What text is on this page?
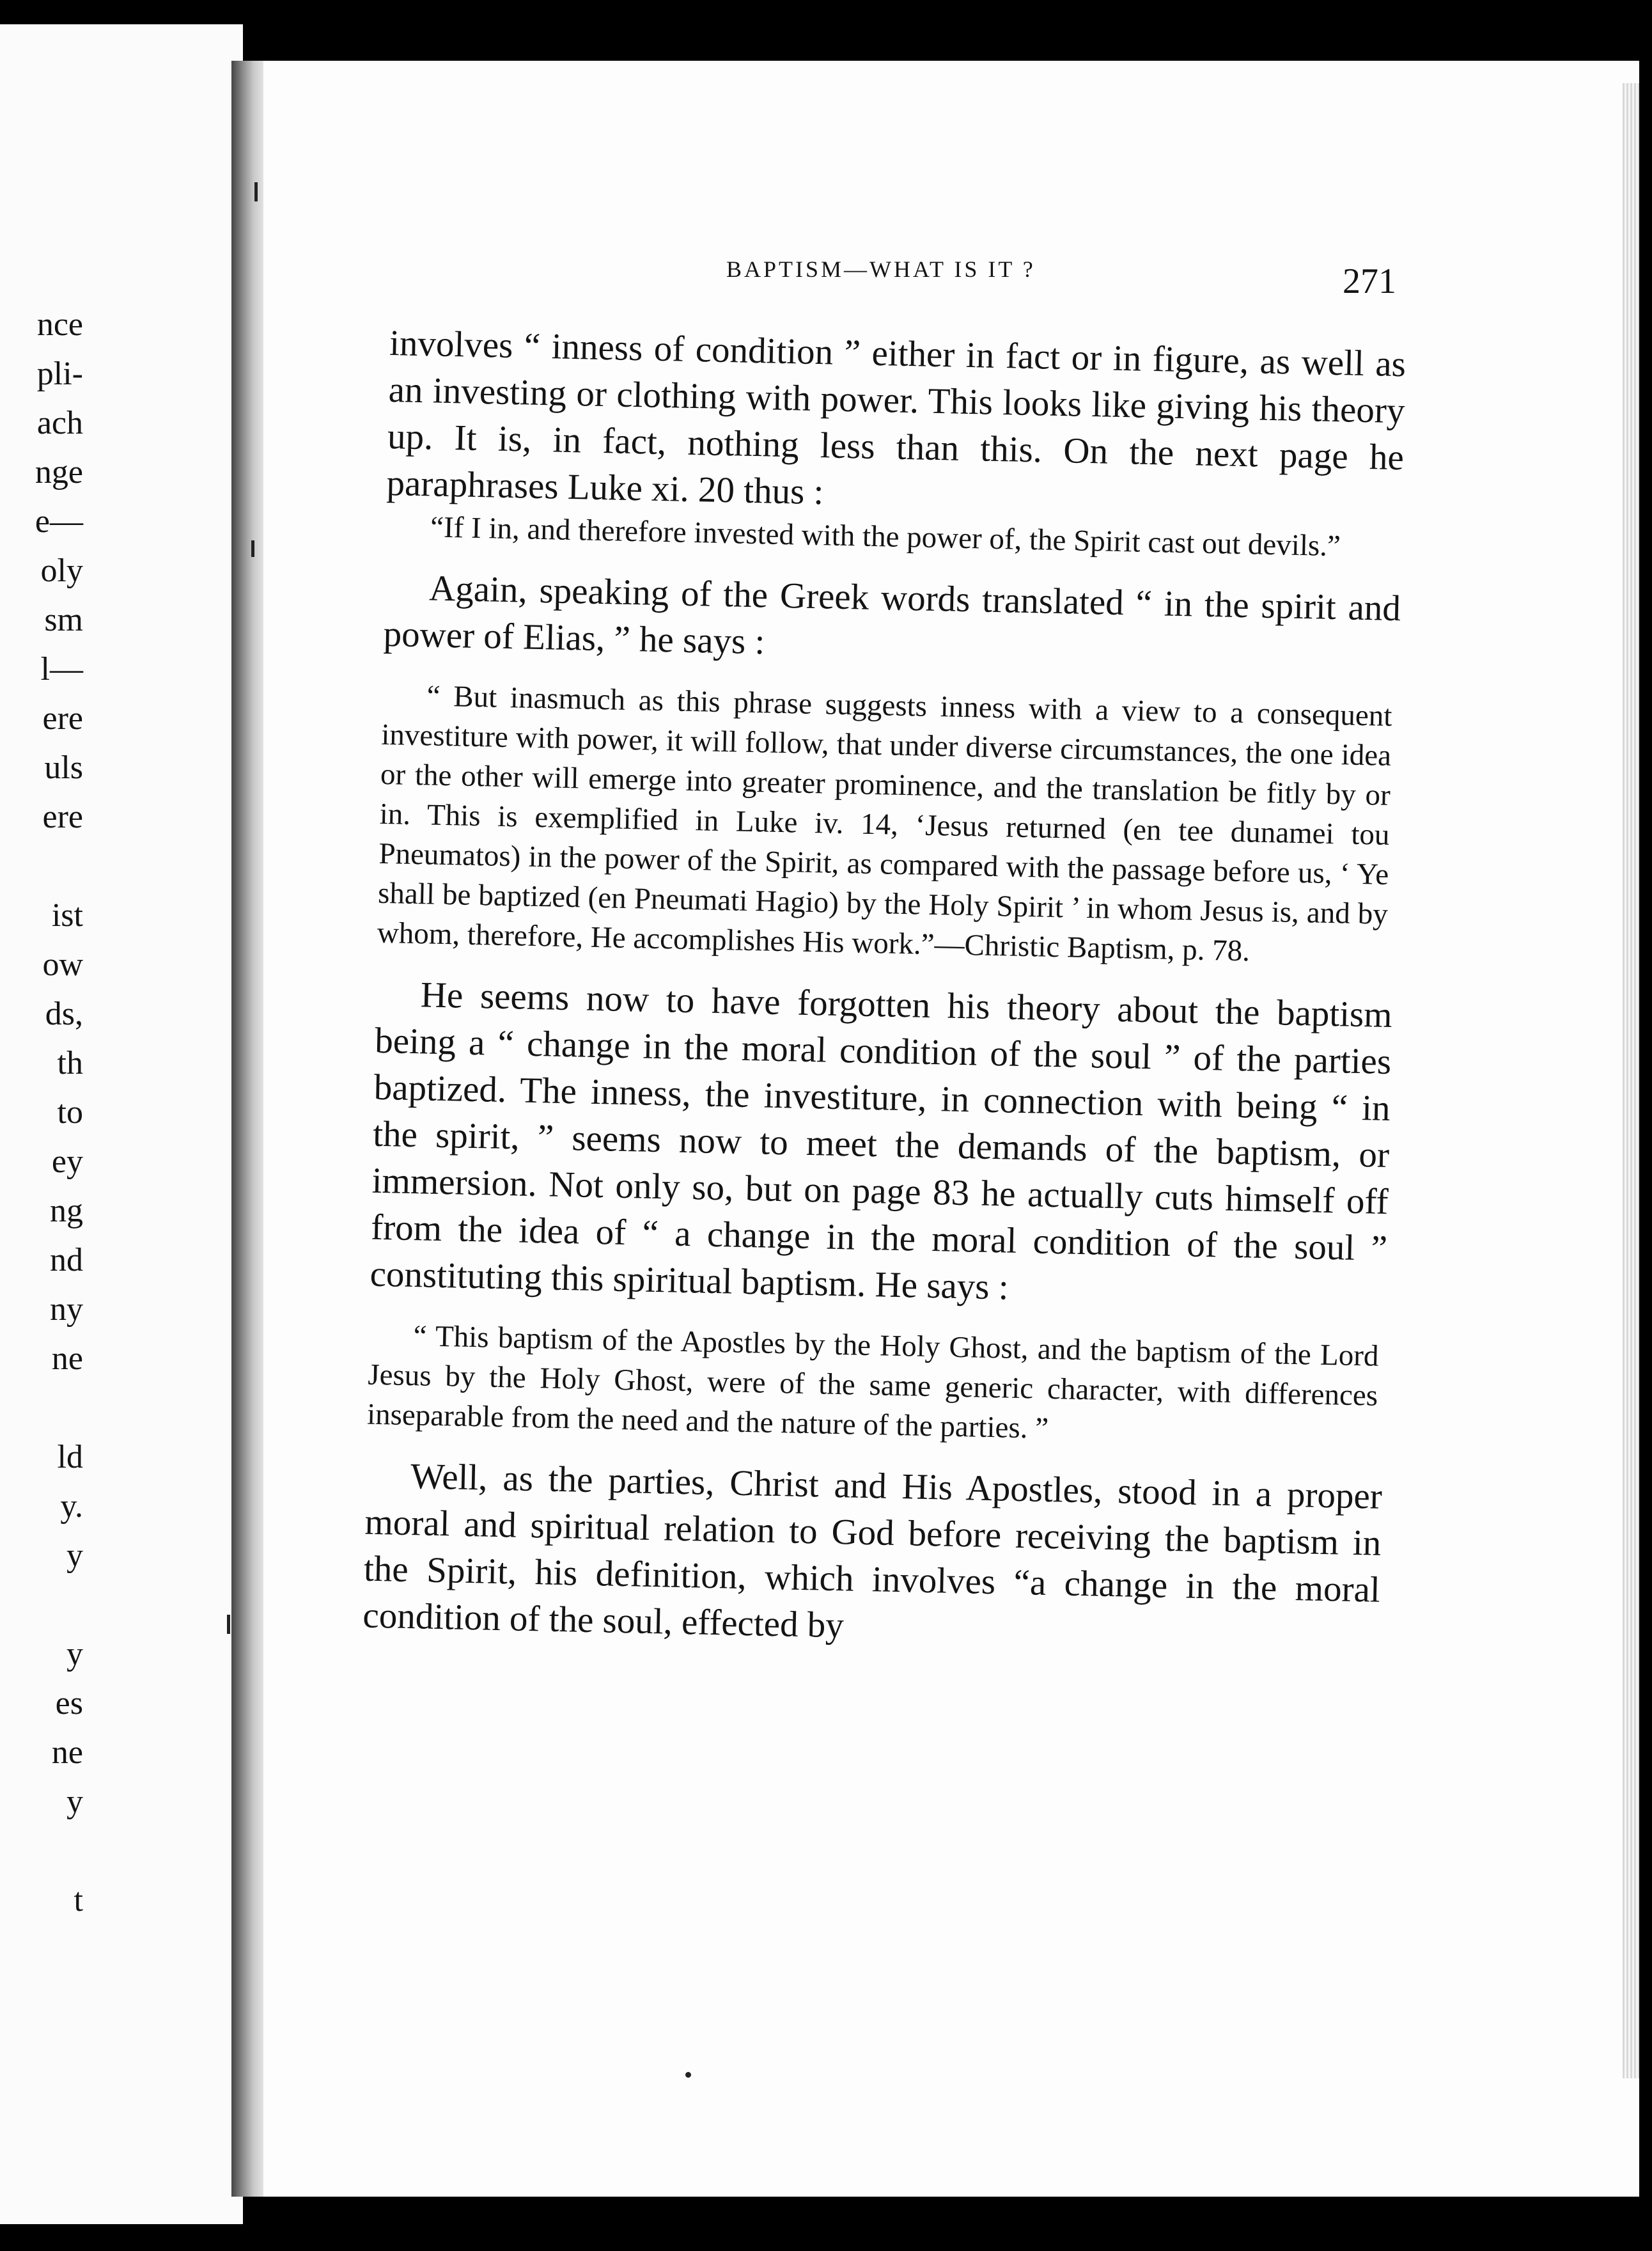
nce
pli-
ach
nge
e—
oly
sm
l—
ere
uls
ere
ist
ow
ds,
th
to
ey
ng
nd
ny
ne
ld
y.
y
y
es
ne
y
t
BAPTISM—WHAT IS IT ?	271

involves “ inness of condition ” either in fact or in figure, as well as an investing or clothing with power. This looks like giving his theory up. It is, in fact, nothing less than this. On the next page he paraphrases Luke xi. 20 thus :

“If I in, and therefore invested with the power of, the Spirit cast out devils.”

Again, speaking of the Greek words translated “ in the spirit and power of Elias, ” he says :

“ But inasmuch as this phrase suggests inness with a view to a consequent investiture with power, it will follow, that under diverse circumstances, the one idea or the other will emerge into greater prominence, and the translation be fitly by or in. This is exemplified in Luke iv. 14, ‘Jesus returned (en tee dunamei tou Pneumatos) in the power of the Spirit, as compared with the passage before us, ‘ Ye shall be baptized (en Pneumati Hagio) by the Holy Spirit ’ in whom Jesus is, and by whom, therefore, He accomplishes His work.”—Christic Baptism, p. 78.

He seems now to have forgotten his theory about the baptism being a “ change in the moral condition of the soul ” of the parties baptized. The inness, the investiture, in connection with being “ in the spirit, ” seems now to meet the demands of the baptism, or immersion. Not only so, but on page 83 he actually cuts himself off from the idea of “ a change in the moral condition of the soul ” constituting this spiritual baptism. He says :

“ This baptism of the Apostles by the Holy Ghost, and the baptism of the Lord Jesus by the Holy Ghost, were of the same generic character, with differences inseparable from the need and the nature of the parties. ”

Well, as the parties, Christ and His Apostles, stood in a proper moral and spiritual relation to God before receiving the baptism in the Spirit, his definition, which involves “a change in the moral condition of the soul, effected by
